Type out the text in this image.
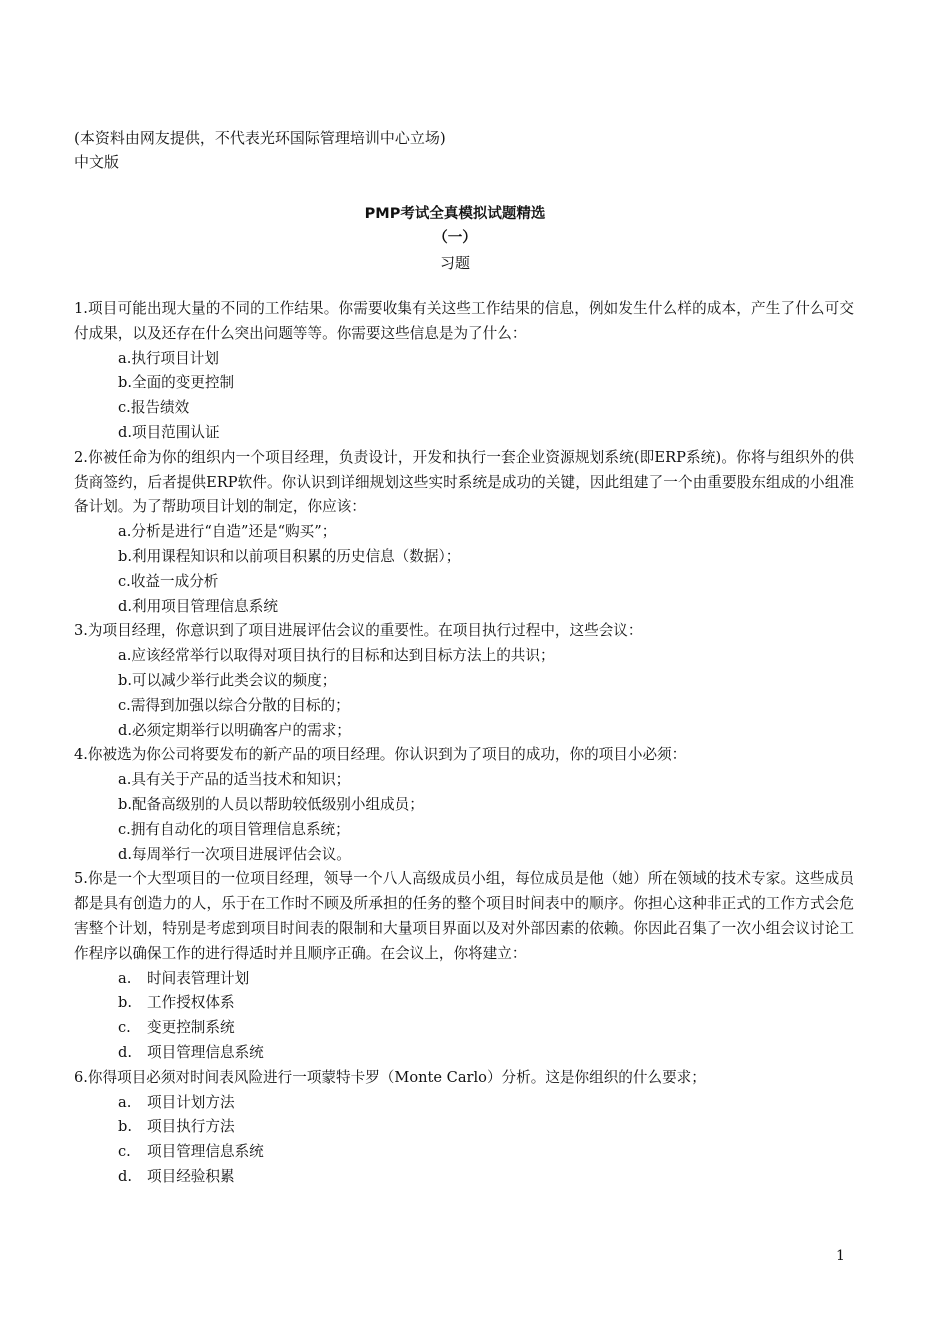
(本资料由网友提供，不代表光环国际管理培训中心立场)
中文版
PMP考试全真模拟试题精选
（一）
习题
1.项目可能出现大量的不同的工作结果。你需要收集有关这些工作结果的信息，例如发生什么样的成本，产生了什么可交付成果，以及还存在什么突出问题等等。你需要这些信息是为了什么：
a.执行项目计划
b.全面的变更控制
c.报告绩效
d.项目范围认证
2.你被任命为你的组织内一个项目经理，负责设计，开发和执行一套企业资源规划系统(即ERP系统)。你将与组织外的供货商签约，后者提供ERP软件。你认识到详细规划这些实时系统是成功的关键，因此组建了一个由重要股东组成的小组准备计划。为了帮助项目计划的制定，你应该：
a.分析是进行“自造”还是“购买”；
b.利用课程知识和以前项目积累的历史信息（数据）；
c.收益一成分析
d.利用项目管理信息系统
3.为项目经理，你意识到了项目进展评估会议的重要性。在项目执行过程中，这些会议：
a.应该经常举行以取得对项目执行的目标和达到目标方法上的共识；
b.可以减少举行此类会议的频度；
c.需得到加强以综合分散的目标的；
d.必须定期举行以明确客户的需求；
4.你被选为你公司将要发布的新产品的项目经理。你认识到为了项目的成功，你的项目小必须：
a.具有关于产品的适当技术和知识；
b.配备高级别的人员以帮助较低级别小组成员；
c.拥有自动化的项目管理信息系统；
d.每周举行一次项目进展评估会议。
5.你是一个大型项目的一位项目经理，领导一个八人高级成员小组，每位成员是他（她）所在领域的技术专家。这些成员都是具有创造力的人，乐于在工作时不顾及所承担的任务的整个项目时间表中的顺序。你担心这种非正式的工作方式会危害整个计划，特别是考虑到项目时间表的限制和大量项目界面以及对外部因素的依赖。你因此召集了一次小组会议讨论工作程序以确保工作的进行得适时并且顺序正确。在会议上，你将建立：
a. 时间表管理计划
b. 工作授权体系
c. 变更控制系统
d. 项目管理信息系统
6.你得项目必须对时间表风险进行一项蒙特卡罗（Monte Carlo）分析。这是你组织的什么要求；
a. 项目计划方法
b. 项目执行方法
c. 项目管理信息系统
d. 项目经验积累
1
